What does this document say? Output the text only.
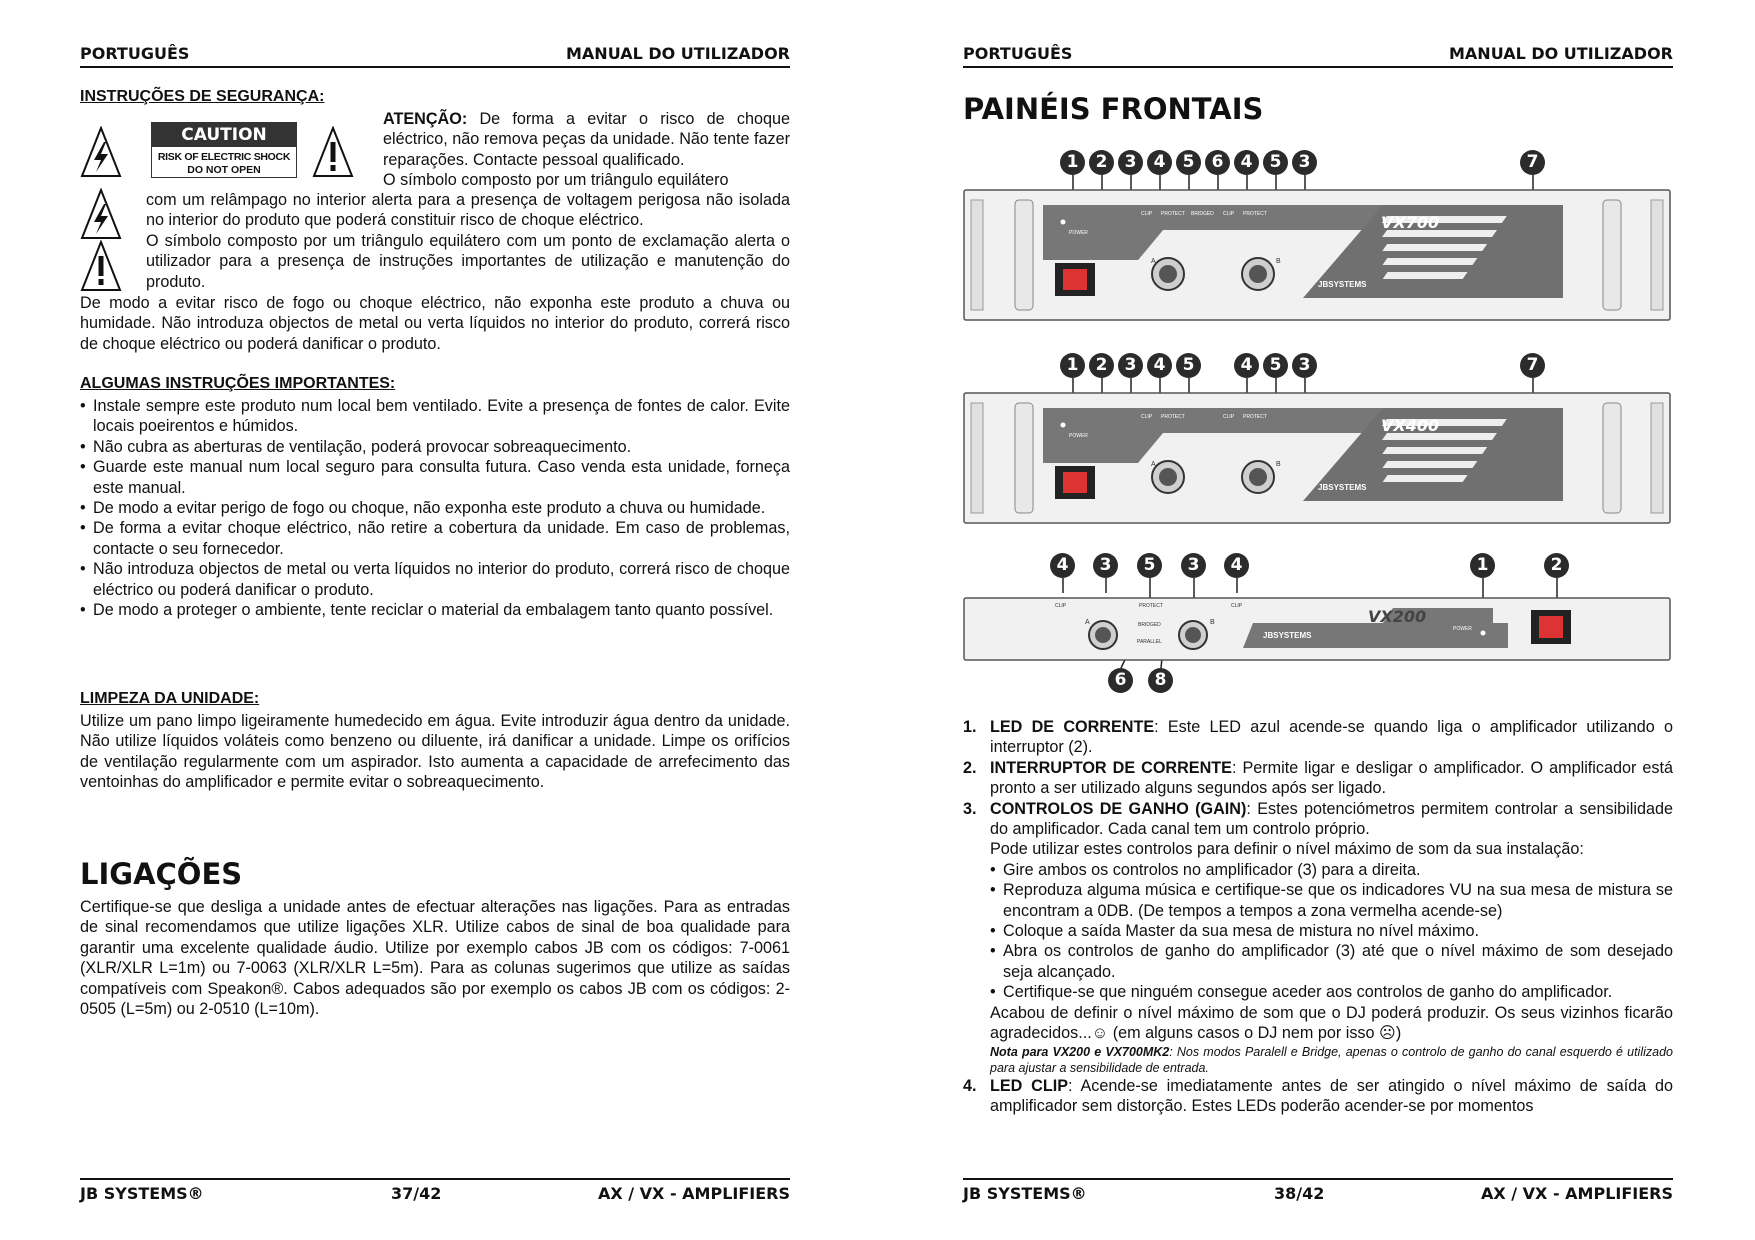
PORTUGUÊS	MANUAL DO UTILIZADOR
INSTRUÇÕES DE SEGURANÇA:
CAUTION
RISK OF ELECTRIC SHOCK
DO NOT OPEN
ATENÇÃO: De forma a evitar o risco de choque eléctrico, não remova peças da unidade. Não tente fazer reparações. Contacte pessoal qualificado.
O símbolo composto por um triângulo equilátero
com um relâmpago no interior alerta para a presença de voltagem perigosa não isolada no interior do produto que poderá constituir risco de choque eléctrico.
O símbolo composto por um triângulo equilátero com um ponto de exclamação alerta o utilizador para a presença de instruções importantes de utilização e manutenção do produto.
De modo a evitar risco de fogo ou choque eléctrico, não exponha este produto a chuva ou humidade. Não introduza objectos de metal ou verta líquidos no interior do produto, correrá risco de choque eléctrico ou poderá danificar o produto.
ALGUMAS INSTRUÇÕES IMPORTANTES:
• Instale sempre este produto num local bem ventilado. Evite a presença de fontes de calor. Evite locais poeirentos e húmidos.
• Não cubra as aberturas de ventilação, poderá provocar sobreaquecimento.
• Guarde este manual num local seguro para consulta futura. Caso venda esta unidade, forneça este manual.
• De modo a evitar perigo de fogo ou choque, não exponha este produto a chuva ou humidade.
• De forma a evitar choque eléctrico, não retire a cobertura da unidade. Em caso de problemas, contacte o seu fornecedor.
• Não introduza objectos de metal ou verta líquidos no interior do produto, correrá risco de choque eléctrico ou poderá danificar o produto.
• De modo a proteger o ambiente, tente reciclar o material da embalagem tanto quanto possível.
LIMPEZA DA UNIDADE:
Utilize um pano limpo ligeiramente humedecido em água. Evite introduzir água dentro da unidade. Não utilize líquidos voláteis como benzeno ou diluente, irá danificar a unidade. Limpe os orifícios de ventilação regularmente com um aspirador. Isto aumenta a capacidade de arrefecimento das ventoinhas do amplificador e permite evitar o sobreaquecimento.
LIGAÇÕES
Certifique-se que desliga a unidade antes de efectuar alterações nas ligações. Para as entradas de sinal recomendamos que utilize ligações XLR. Utilize cabos de sinal de boa qualidade para garantir uma excelente qualidade áudio. Utilize por exemplo cabos JB com os códigos: 7-0061 (XLR/XLR L=1m) ou 7-0063 (XLR/XLR L=5m). Para as colunas sugerimos que utilize as saídas compatíveis com Speakon®. Cabos adequados são por exemplo os cabos JB com os códigos: 2-0505 (L=5m) ou 2-0510 (L=10m).
JB SYSTEMS®	37/42	AX / VX - AMPLIFIERS
PORTUGUÊS	MANUAL DO UTILIZADOR
PAINÉIS FRONTAIS
1	2	3	4	5	6	4	5	3	7
VX700
JBSYSTEMS
CLIP PROTECT BRIDGED CLIP PROTECT
POWER
A	B
1	2	3	4	5	4	5	3	7
VX400
JBSYSTEMS
CLIP PROTECT	CLIP PROTECT
POWER
A	B
4	3	5	3	4	1	2
6	8
VX200
JBSYSTEMS
CLIP	PROTECT
BRIDGED
PARALLEL
CLIP
POWER
A	B
1. LED DE CORRENTE: Este LED azul acende-se quando liga o amplificador utilizando o interruptor (2).
2. INTERRUPTOR DE CORRENTE: Permite ligar e desligar o amplificador. O amplificador está pronto a ser utilizado alguns segundos após ser ligado.
3. CONTROLOS DE GANHO (GAIN): Estes potenciómetros permitem controlar a sensibilidade do amplificador. Cada canal tem um controlo próprio.
Pode utilizar estes controlos para definir o nível máximo de som da sua instalação:
• Gire ambos os controlos no amplificador (3) para a direita.
• Reproduza alguma música e certifique-se que os indicadores VU na sua mesa de mistura se encontram a 0DB. (De tempos a tempos a zona vermelha acende-se)
• Coloque a saída Master da sua mesa de mistura no nível máximo.
• Abra os controlos de ganho do amplificador (3) até que o nível máximo de som desejado seja alcançado.
• Certifique-se que ninguém consegue aceder aos controlos de ganho do amplificador.
Acabou de definir o nível máximo de som que o DJ poderá produzir. Os seus vizinhos ficarão agradecidos...☺ (em alguns casos o DJ nem por isso ☹)
Nota para VX200 e VX700MK2: Nos modos Paralell e Bridge, apenas o controlo de ganho do canal esquerdo é utilizado para ajustar a sensibilidade de entrada.
4. LED CLIP: Acende-se imediatamente antes de ser atingido o nível máximo de saída do amplificador sem distorção. Estes LEDs poderão acender-se por momentos
JB SYSTEMS®	38/42	AX / VX - AMPLIFIERS
